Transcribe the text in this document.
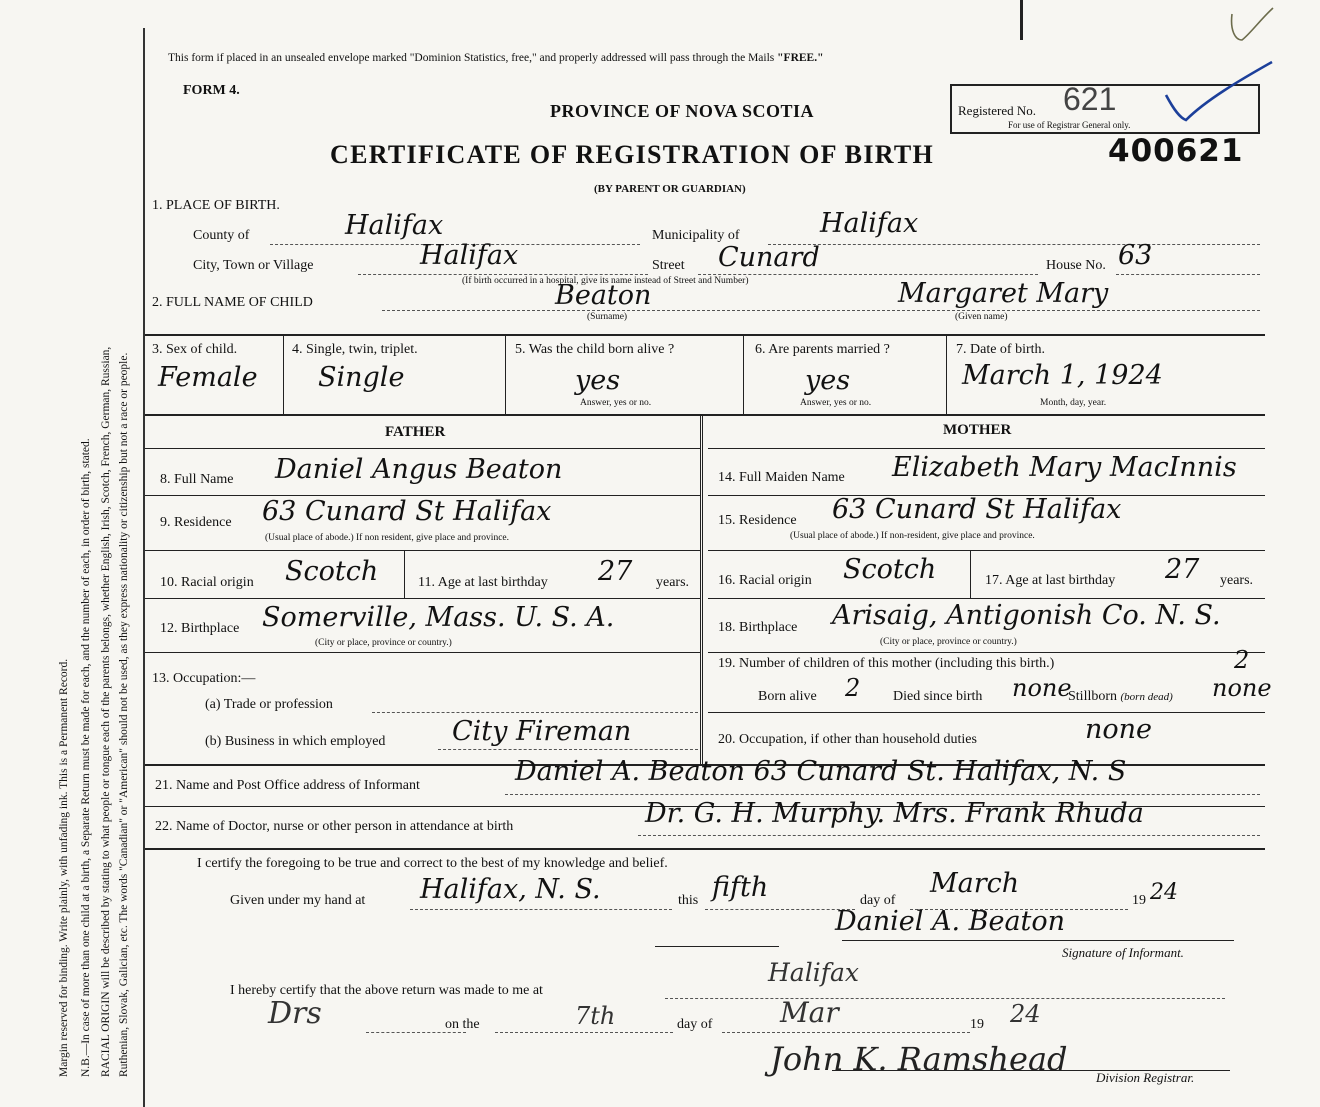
Margin reserved for binding. Write plainly, with unfading ink. This is a Permanent Record. N.B.—In case of more than one child at a birth, a Separate Return must be made for each, and the number of each, in order of birth, stated. RACIAL ORIGIN will be described by stating to what people or tongue each of the parents belongs, whether English, Irish, Scotch, French, German, Russian, Ruthenian, Slovak, Galician, etc. The words "Canadian" or "American" should not be used, as they express nationality or citizenship but not a race or people.
This form if placed in an unsealed envelope marked "Dominion Statistics, free," and properly addressed will pass through the Mails "FREE."
FORM 4.
PROVINCE OF NOVA SCOTIA
CERTIFICATE OF REGISTRATION OF BIRTH
(BY PARENT OR GUARDIAN)
Registered No. 621
For use of Registrar General only.
400621
1. PLACE OF BIRTH.
County of	Halifax	Municipality of	Halifax
City, Town or Village	Halifax
(If birth occurred in a hospital, give its name instead of Street and Number)
Street Cunard	House No. 63
2. FULL NAME OF CHILD	Beaton
(Surname)
Margaret Mary
(Given name)
3. Sex of child.
Female
4. Single, twin, triplet.
Single
5. Was the child born alive ?
yes
Answer, yes or no.
6. Are parents married ?
yes
Answer, yes or no.
7. Date of birth.
March 1, 1924
Month, day, year.
FATHER	MOTHER
8. Full Name Daniel Angus Beaton
9. Residence 63 Cunard St Halifax
(Usual place of abode.) If non resident, give place and province.
10. Racial origin Scotch	11. Age at last birthday 27 years.
12. Birthplace Somerville, Mass. U. S. A.
(City or place, province or country.)
13. Occupation:—
(a) Trade or profession
(b) Business in which employed City Fireman
14. Full Maiden Name Elizabeth Mary MacInnis
15. Residence 63 Cunard St Halifax
(Usual place of abode.) If non-resident, give place and province.
16. Racial origin Scotch	17. Age at last birthday 27 years.
18. Birthplace Arisaig, Antigonish Co. N. S.
(City or place, province or country.)
19. Number of children of this mother (including this birth.)	2
Born alive 2 Died since birth none
Stillborn (born dead) none
20. Occupation, if other than household duties	none
21. Name and Post Office address of Informant	Daniel A. Beaton 63 Cunard St. Halifax, N. S
22. Name of Doctor, nurse or other person in attendance at birth	Dr. G. H. Murphy. Mrs. Frank Rhuda
I certify the foregoing to be true and correct to the best of my knowledge and belief.
Given under my hand at Halifax, N. S.	this fifth	day of
March
19 24
Daniel A. Beaton
Signature of Informant.
I hereby certify that the above return was made to me at
Halifax
Drs	on the	7th	day of Mar	19 24
John K. Ramshead Division Registrar.
